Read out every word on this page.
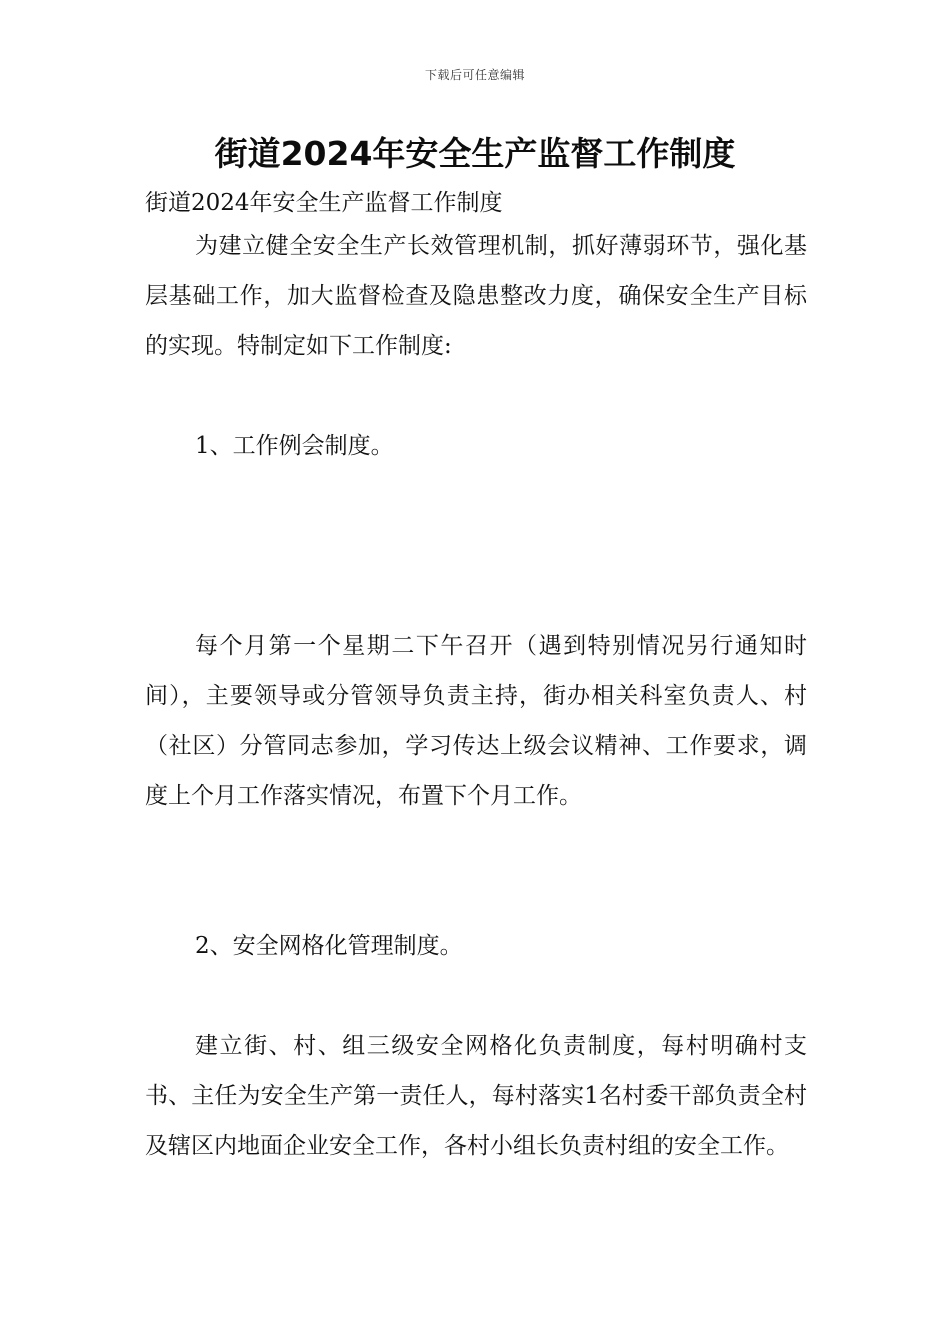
下载后可任意编辑
街道2024年安全生产监督工作制度
街道2024年安全生产监督工作制度

为建立健全安全生产长效管理机制，抓好薄弱环节，强化基层基础工作，加大监督检查及隐患整改力度，确保安全生产目标的实现。特制定如下工作制度:

1、工作例会制度。

每个月第一个星期二下午召开（遇到特别情况另行通知时间），主要领导或分管领导负责主持，街办相关科室负责人、村（社区）分管同志参加，学习传达上级会议精神、工作要求，调度上个月工作落实情况，布置下个月工作。

2、安全网格化管理制度。

建立街、村、组三级安全网格化负责制度，每村明确村支书、主任为安全生产第一责任人，每村落实1名村委干部负责全村及辖区内地面企业安全工作，各村小组长负责村组的安全工作。
